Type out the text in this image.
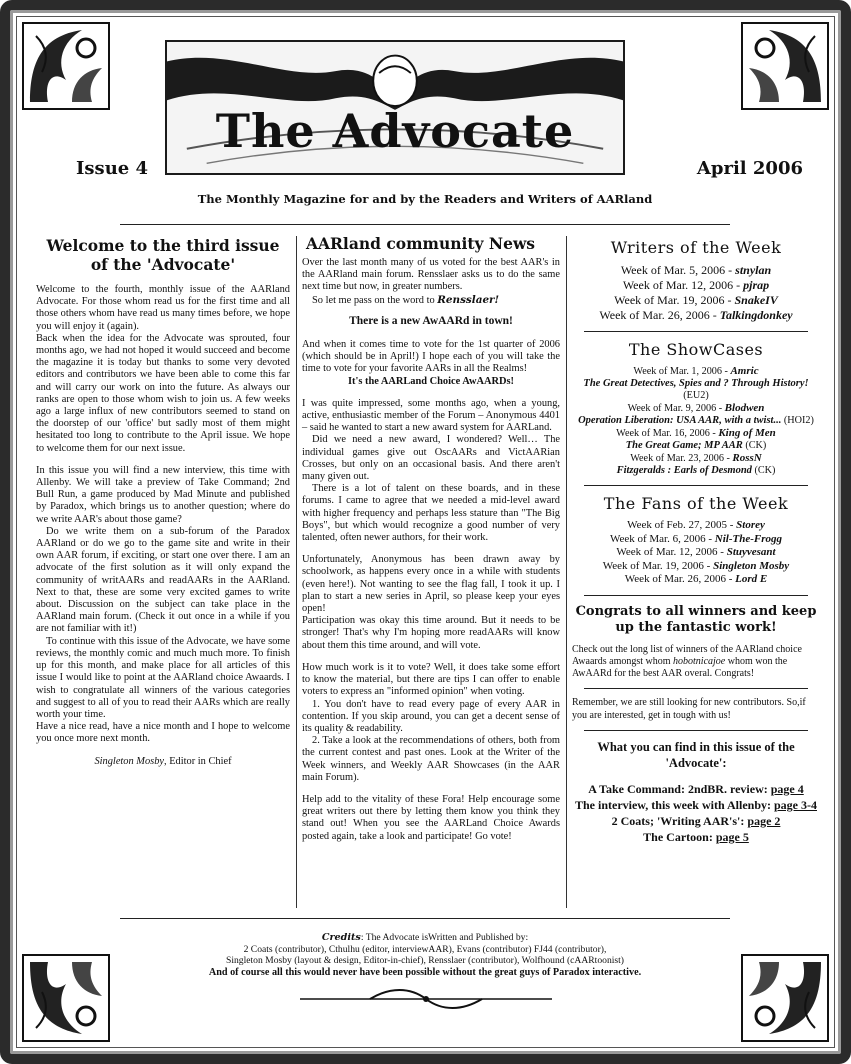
The Advocate
Issue 4	April 2006
The Monthly Magazine for and by the Readers and Writers of AARland
Welcome to the third issue of the 'Advocate'

Welcome to the fourth, monthly issue of the AARland Advocate. For those whom read us for the first time and all those others whom have read us many times before, we hope you will enjoy it (again).

Back when the idea for the Advocate was sprouted, four months ago, we had not hoped it would succeed and become the magazine it is today but thanks to some very devoted editors and contributors we have been able to come this far and will carry our work on into the future. As always our ranks are open to those whom wish to join us. A few weeks ago a large influx of new contributors seemed to stand on the doorstep of our 'office' but sadly most of them might hesitated too long to contribute to the April issue. We hope to welcome them for our next issue.

In this issue you will find a new interview, this time with Allenby. We will take a preview of Take Command; 2nd Bull Run, a game produced by Mad Minute and published by Paradox, which brings us to another question; where do we write AAR's about those game?

Do we write them on a sub-forum of the Paradox AARland or do we go to the game site and write in their own AAR forum, if exciting, or start one over there. I am an advocate of the first solution as it will only expand the community of writAARs and readAARs in the AARland. Next to that, these are some very excited games to write about. Discussion on the subject can take place in the AARland main forum. (Check it out once in a while if you are not familiar with it!)

To continue with this issue of the Advocate, we have some reviews, the monthly comic and much much more. To finish up for this month, and make place for all articles of this issue I would like to point at the AARland choice Awaards. I wish to congratulate all winners of the various categories and suggest to all of you to read their AARs which are really worth your time.

Have a nice read, have a nice month and I hope to welcome you once more next month.

Singleton Mosby, Editor in Chief
AARland community News

Over the last month many of us voted for the best AAR's in the AARland main forum. Rensslaer asks us to do the same next time but now, in greater numbers.

So let me pass on the word to Rensslaer!

There is a new AwAARd in town!

And when it comes time to vote for the 1st quarter of 2006 (which should be in April!) I hope each of you will take the time to vote for your favorite AARs in all the Realms!

It's the AARLand Choice AwAARDs!

I was quite impressed, some months ago, when a young, active, enthusiastic member of the Forum – Anonymous 4401 – said he wanted to start a new award system for AARLand.

Did we need a new award, I wondered? Well… The individual games give out OscAARs and VictAARian Crosses, but only on an occasional basis. And there aren't many given out.

There is a lot of talent on these boards, and in these forums. I came to agree that we needed a mid-level award with higher frequency and perhaps less stature than "The Big Boys", but which would recognize a good number of very talented, often newer authors, for their work.

Unfortunately, Anonymous has been drawn away by schoolwork, as happens every once in a while with students (even here!). Not wanting to see the flag fall, I took it up. I plan to start a new series in April, so please keep your eyes open!

Participation was okay this time around. But it needs to be stronger! That's why I'm hoping more readAARs will know about them this time around, and will vote.

How much work is it to vote? Well, it does take some effort to know the material, but there are tips I can offer to enable voters to express an "informed opinion" when voting.

1. You don't have to read every page of every AAR in contention. If you skip around, you can get a decent sense of its quality & readability.

2. Take a look at the recommendations of others, both from the current contest and past ones. Look at the Writer of the Week winners, and Weekly AAR Showcases (in the AAR main Forum).

Help add to the vitality of these Fora! Help encourage some great writers out there by letting them know you think they stand out! When you see the AARLand Choice Awards posted again, take a look and participate! Go vote!

Writers of the Week
Week of Mar. 5, 2006 - stnylan
Week of Mar. 12, 2006 - pjrap
Week of Mar. 19, 2006 - SnakeIV
Week of Mar. 26, 2006 - Talkingdonkey
The ShowCases
Week of Mar. 1, 2006 - Amric
The Great Detectives, Spies and ? Through History! (EU2)
Week of Mar. 9, 2006 - Blodwen
Operation Liberation: USA AAR, with a twist... (HOI2)
Week of Mar. 16, 2006 - King of Men
The Great Game; MP AAR (CK)
Week of Mar. 23, 2006 - RossN
Fitzgeralds : Earls of Desmond (CK)
The Fans of the Week
Week of Feb. 27, 2005 - Storey
Week of Mar. 6, 2006 - Nil-The-Frogg
Week of Mar. 12, 2006 - Stuyvesant
Week of Mar. 19, 2006 - Singleton Mosby
Week of Mar. 26, 2006 - Lord E
Congrats to all winners and keep up the fantastic work!
Check out the long list of winners of the AARland choice Awaards amongst whom hobotnicajoe whom won the AwAARd for the best AAR overal. Congrats!
Remember, we are still looking for new contributors. So,if you are interested, get in tough with us!
What you can find in this issue of the 'Advocate':
A Take Command: 2ndBR. review: page 4
The interview, this week with Allenby: page 3-4
2 Coats; 'Writing AAR's': page 2
The Cartoon: page 5
Credits: The Advocate isWritten and Published by:
2 Coats (contributor), Cthulhu (editor, interviewAAR), Evans (contributor) FJ44 (contributor),
Singleton Mosby (layout & design, Editor-in-chief), Rensslaer (contributor), Wolfhound (cAARtoonist)
And of course all this would never have been possible without the great guys of Paradox interactive.
